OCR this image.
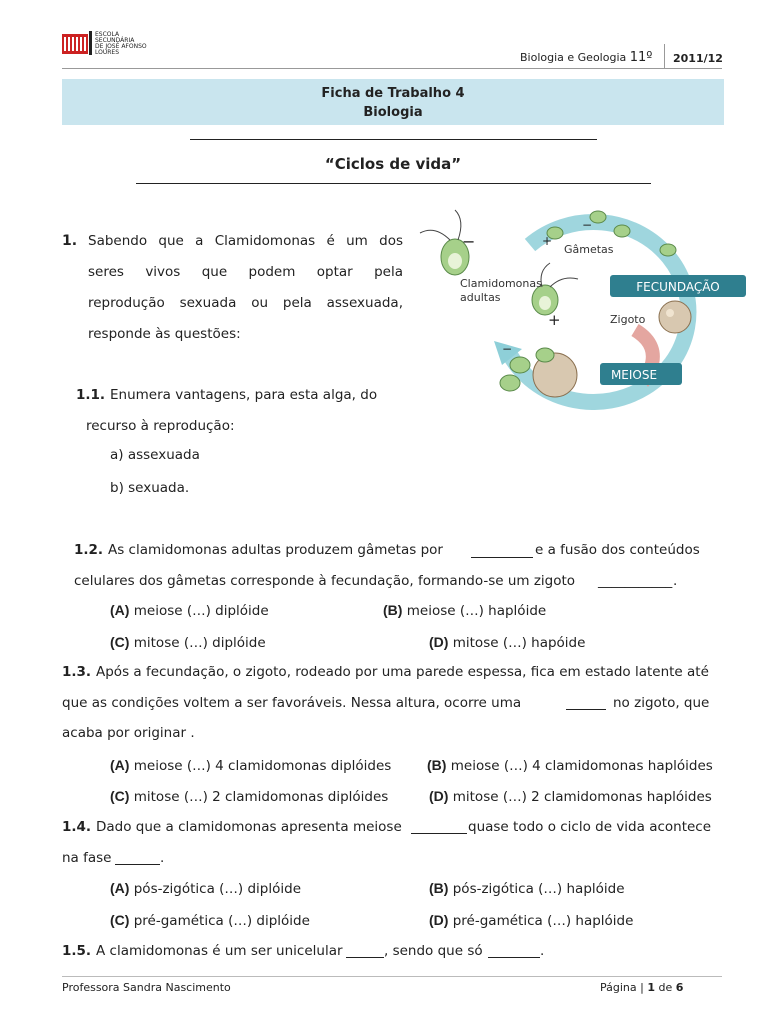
ESCOLA
SECUNDÁRIA
DE JOSÉ AFONSO
LOURES	Biologia e Geologia 11º 2011/12
Ficha de Trabalho 4
Biologia
“Ciclos de vida”
FECUNDAÇÃO
MEIOSE
Gâmetas
Clamidomonas
adultas
Zigoto
−
+
−
+
−
1. Sabendo que a Clamidomonas é um dos
seres vivos que podem optar pela
reprodução sexuada ou pela assexuada,
responde às questões:
1.1. Enumera vantagens, para esta alga, do
recurso à reprodução:
a) assexuada
b) sexuada.
1.2. As clamidomonas adultas produzem gâmetas por	e a fusão dos conteúdos
celulares dos gâmetas corresponde à fecundação, formando-se um zigoto ___________ .
(A) meiose (…) diplóide	(B) meiose (…) haplóide
(C) mitose (…) diplóide	(D) mitose (…) hapóide
1.3. Após a fecundação, o zigoto, rodeado por uma parede espessa, fica em estado latente até
que as condições voltem a ser favoráveis. Nessa altura, ocorre uma	no zigoto, que
acaba por originar .
(A) meiose (…) 4 clamidomonas diplóides	(B) meiose (…) 4 clamidomonas haplóides
(C) mitose (…) 2 clamidomonas diplóides	(D) mitose (…) 2 clamidomonas haplóides
1.4. Dado que a clamidomonas apresenta meiose	quase todo o ciclo de vida acontece
na fase	.
(A) pós-zigótica (…) diplóide	(B) pós-zigótica (…) haplóide
(C) pré-gamética (…) diplóide	(D) pré-gamética (…) haplóide
1.5. A clamidomonas é um ser unicelular	, sendo que só	.
Professora Sandra Nascimento	Página | 1 de 6
